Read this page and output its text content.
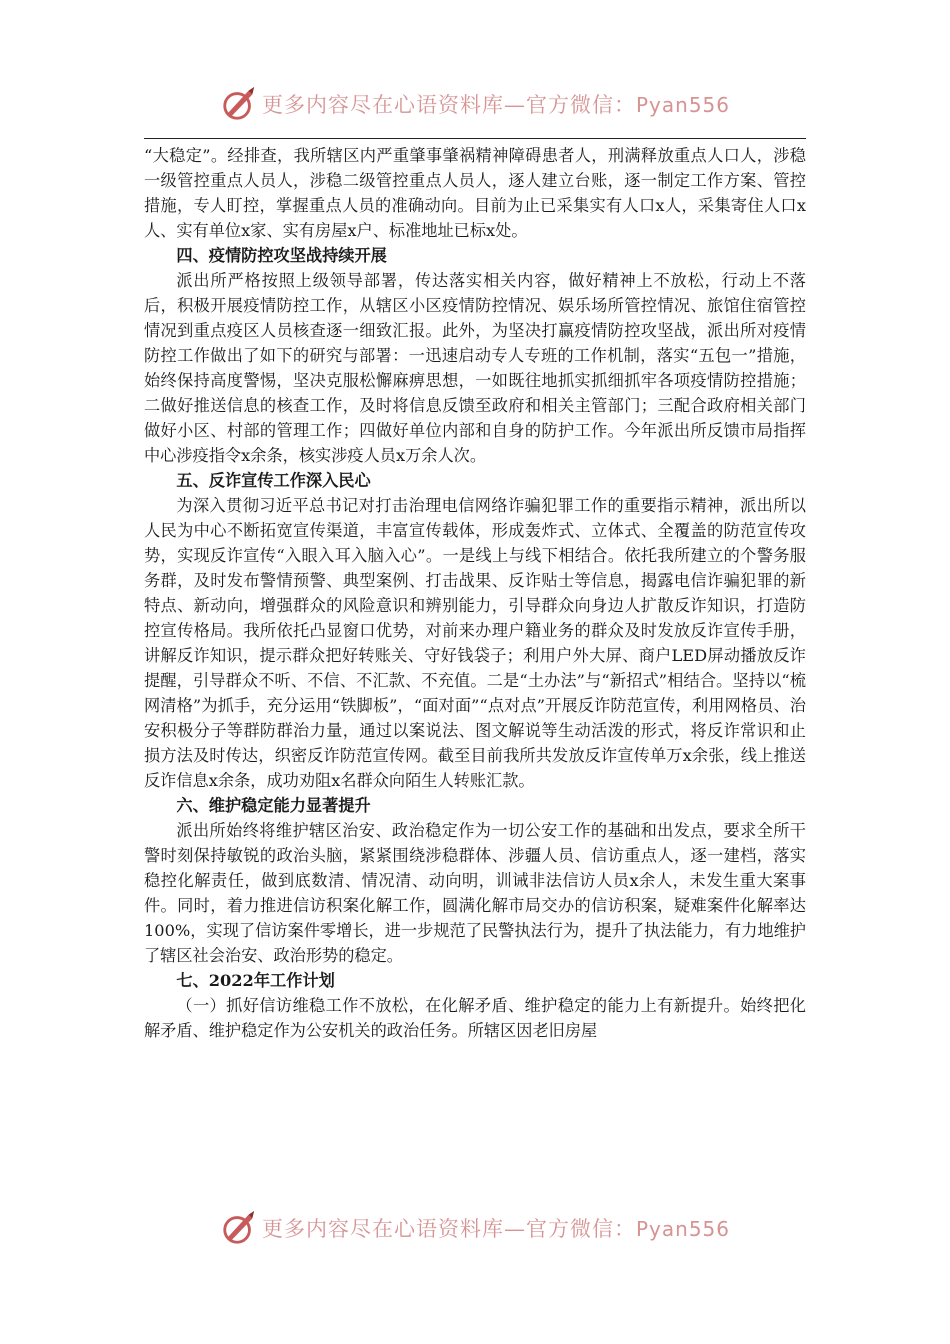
更多内容尽在心语资料库—官方微信：Pyan556

“大稳定”。经排查，我所辖区内严重肇事肇祸精神障碍患者人，刑满释放重点人口人，涉稳一级管控重点人员人，涉稳二级管控重点人员人，逐人建立台账，逐一制定工作方案、管控措施，专人盯控，掌握重点人员的准确动向。目前为止已采集实有人口x人，采集寄住人口x人、实有单位x家、实有房屋x户、标准地址已标x处。

四、疫情防控攻坚战持续开展

派出所严格按照上级领导部署，传达落实相关内容，做好精神上不放松，行动上不落后，积极开展疫情防控工作，从辖区小区疫情防控情况、娱乐场所管控情况、旅馆住宿管控情况到重点疫区人员核查逐一细致汇报。此外，为坚决打赢疫情防控攻坚战，派出所对疫情防控工作做出了如下的研究与部署：一迅速启动专人专班的工作机制，落实“五包一”措施，始终保持高度警惕，坚决克服松懈麻痹思想，一如既往地抓实抓细抓牢各项疫情防控措施；二做好推送信息的核查工作，及时将信息反馈至政府和相关主管部门；三配合政府相关部门做好小区、村部的管理工作；四做好单位内部和自身的防护工作。今年派出所反馈市局指挥中心涉疫指令x余条，核实涉疫人员x万余人次。

五、反诈宣传工作深入民心

为深入贯彻习近平总书记对打击治理电信网络诈骗犯罪工作的重要指示精神，派出所以人民为中心不断拓宽宣传渠道，丰富宣传载体，形成轰炸式、立体式、全覆盖的防范宣传攻势，实现反诈宣传“入眼入耳入脑入心”。一是线上与线下相结合。依托我所建立的个警务服务群，及时发布警情预警、典型案例、打击战果、反诈贴士等信息，揭露电信诈骗犯罪的新特点、新动向，增强群众的风险意识和辨别能力，引导群众向身边人扩散反诈知识，打造防控宣传格局。我所依托凸显窗口优势，对前来办理户籍业务的群众及时发放反诈宣传手册，讲解反诈知识，提示群众把好转账关、守好钱袋子；利用户外大屏、商户LED屏动播放反诈提醒，引导群众不听、不信、不汇款、不充值。二是“土办法”与“新招式”相结合。坚持以“梳网清格”为抓手，充分运用“铁脚板”，“面对面”“点对点”开展反诈防范宣传，利用网格员、治安积极分子等群防群治力量，通过以案说法、图文解说等生动活泼的形式，将反诈常识和止损方法及时传达，织密反诈防范宣传网。截至目前我所共发放反诈宣传单万x余张，线上推送反诈信息x余条，成功劝阻x名群众向陌生人转账汇款。

六、维护稳定能力显著提升

派出所始终将维护辖区治安、政治稳定作为一切公安工作的基础和出发点，要求全所干警时刻保持敏锐的政治头脑，紧紧围绕涉稳群体、涉疆人员、信访重点人，逐一建档，落实稳控化解责任，做到底数清、情况清、动向明，训诫非法信访人员x余人，未发生重大案事件。同时，着力推进信访积案化解工作，圆满化解市局交办的信访积案，疑难案件化解率达100%，实现了信访案件零增长，进一步规范了民警执法行为，提升了执法能力，有力地维护了辖区社会治安、政治形势的稳定。

七、2022年工作计划

（一）抓好信访维稳工作不放松，在化解矛盾、维护稳定的能力上有新提升。始终把化解矛盾、维护稳定作为公安机关的政治任务。所辖区因老旧房屋

更多内容尽在心语资料库—官方微信：Pyan556
